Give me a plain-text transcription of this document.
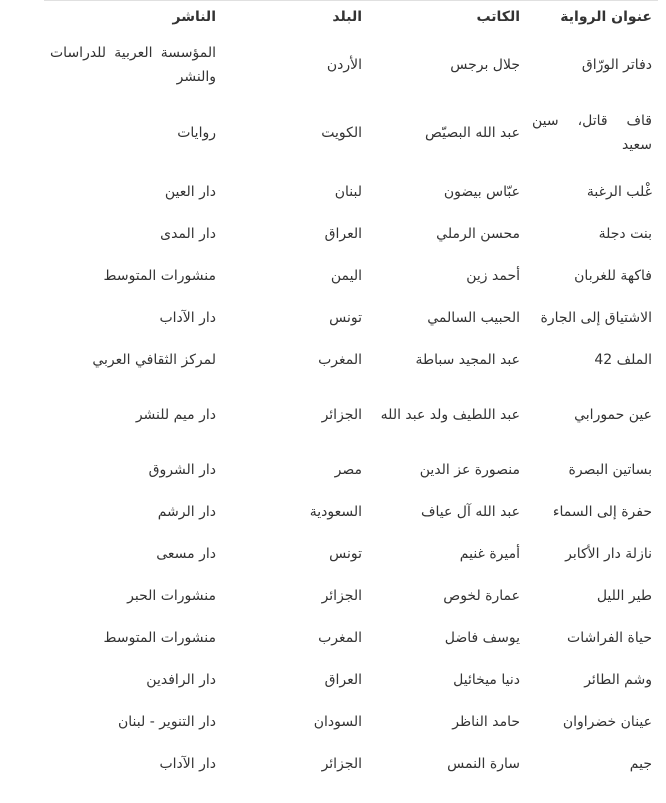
عنوان الرواية	الكاتب	البلد	الناشر
دفاتر الورّاق	جلال برجس	الأردن	المؤسسة العربية للدراسات والنشر
قاف قاتل، سين سعيد	عبد الله البصيّص	الكويت	روايات
غْلب الرغبة	عبّاس بيضون	لبنان	دار العين
بنت دجلة	محسن الرملي	العراق	دار المدى
فاكهة للغربان	أحمد زين	اليمن	منشورات المتوسط
الاشتياق إلى الجارة	الحبيب السالمي	تونس	دار الآداب
الملف 42	عبد المجيد سباطة	المغرب	لمركز الثقافي العربي
عين حمورابي	عبد اللطيف ولد عبد الله	الجزائر	دار ميم للنشر
بساتين البصرة	منصورة عز الدين	مصر	دار الشروق
حفرة إلى السماء	عبد الله آل عياف	السعودية	دار الرشم
نازلة دار الأكابر	أميرة غنيم	تونس	دار مسعى
طير الليل	عمارة لخوص	الجزائر	منشورات الحبر
حياة الفراشات	يوسف فاضل	المغرب	منشورات المتوسط
وشم الطائر	دنيا ميخائيل	العراق	دار الرافدين
عينان خضراوان	حامد الناظر	السودان	دار التنوير - لبنان
جيم	سارة النمس	الجزائر	دار الآداب
